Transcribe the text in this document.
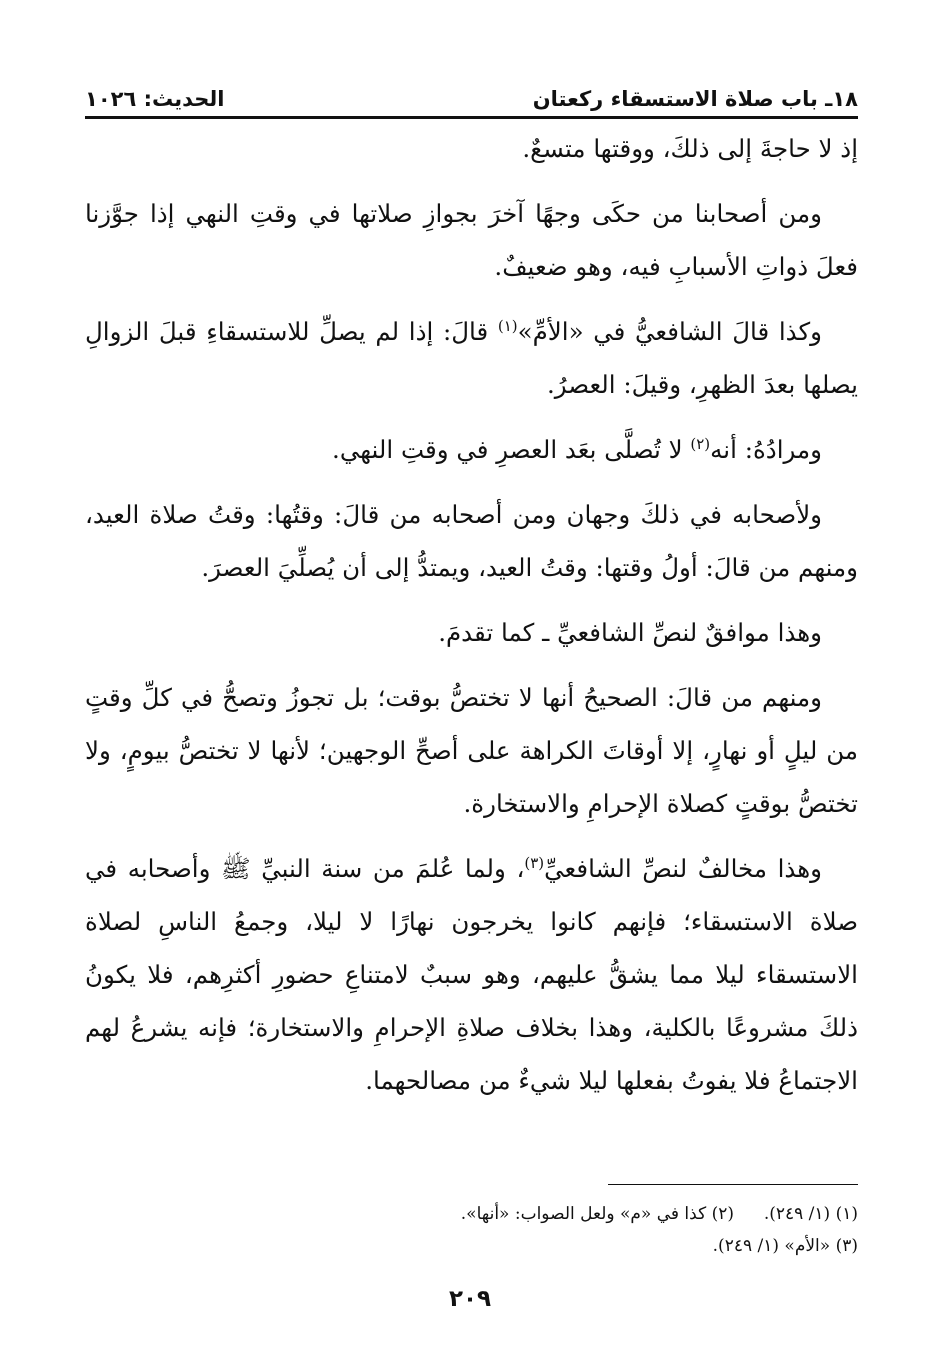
١٨ـ باب صلاة الاستسقاء ركعتان
الحديث: ١٠٢٦

إذ لا حاجةَ إلى ذلكَ، ووقتها متسعٌ.

ومن أصحابنا من حكَى وجهًا آخرَ بجوازِ صلاتها في وقتِ النهي إذا جوَّزنا فعلَ ذواتِ الأسبابِ فيه، وهو ضعيفٌ.

وكذا قالَ الشافعيُّ في «الأمِّ»$^{(١)}$ قالَ: إذا لم يصلِّ للاستسقاءِ قبلَ الزوالِ يصلها بعدَ الظهرِ، وقيلَ: العصرُ.

ومرادُهُ: أنه$^{(٢)}$ لا تُصلَّى بعَد العصرِ في وقتِ النهي.

ولأصحابه في ذلكَ وجهان ومن أصحابه من قالَ: وقتُها: وقتُ صلاة العيد، ومنهم من قالَ: أولُ وقتها: وقتُ العيد، ويمتدُّ إلى أن يُصلِّيَ العصرَ.

وهذا موافقٌ لنصِّ الشافعيِّ ـ كما تقدمَ.

ومنهم من قالَ: الصحيحُ أنها لا تختصُّ بوقت؛ بل تجوزُ وتصحُّ في كلِّ وقتٍ من ليلٍ أو نهارٍ، إلا أوقاتَ الكراهة على أصحِّ الوجهين؛ لأنها لا تختصُّ بيومٍ، ولا تختصُّ بوقتٍ كصلاة الإحرامِ والاستخارة.

وهذا مخالفٌ لنصِّ الشافعيِّ$^{(٣)}$، ولما عُلمَ من سنة النبيِّ ﷺ وأصحابه في صلاة الاستسقاء؛ فإنهم كانوا يخرجون نهارًا لا ليلا، وجمعُ الناسِ لصلاة الاستسقاء ليلا مما يشقُّ عليهم، وهو سببٌ لامتناعِ حضورِ أكثرِهم، فلا يكونُ ذلكَ مشروعًا بالكلية، وهذا بخلاف صلاةِ الإحرامِ والاستخارة؛ فإنه يشرعُ لهم الاجتماعُ فلا يفوتُ بفعلها ليلا شيءٌ من مصالحهما.

(١) (١/ ٢٤٩).
(٢) كذا في «م» ولعل الصواب: «أنها».
(٣) «الأم» (١/ ٢٤٩).
٢٠٩
